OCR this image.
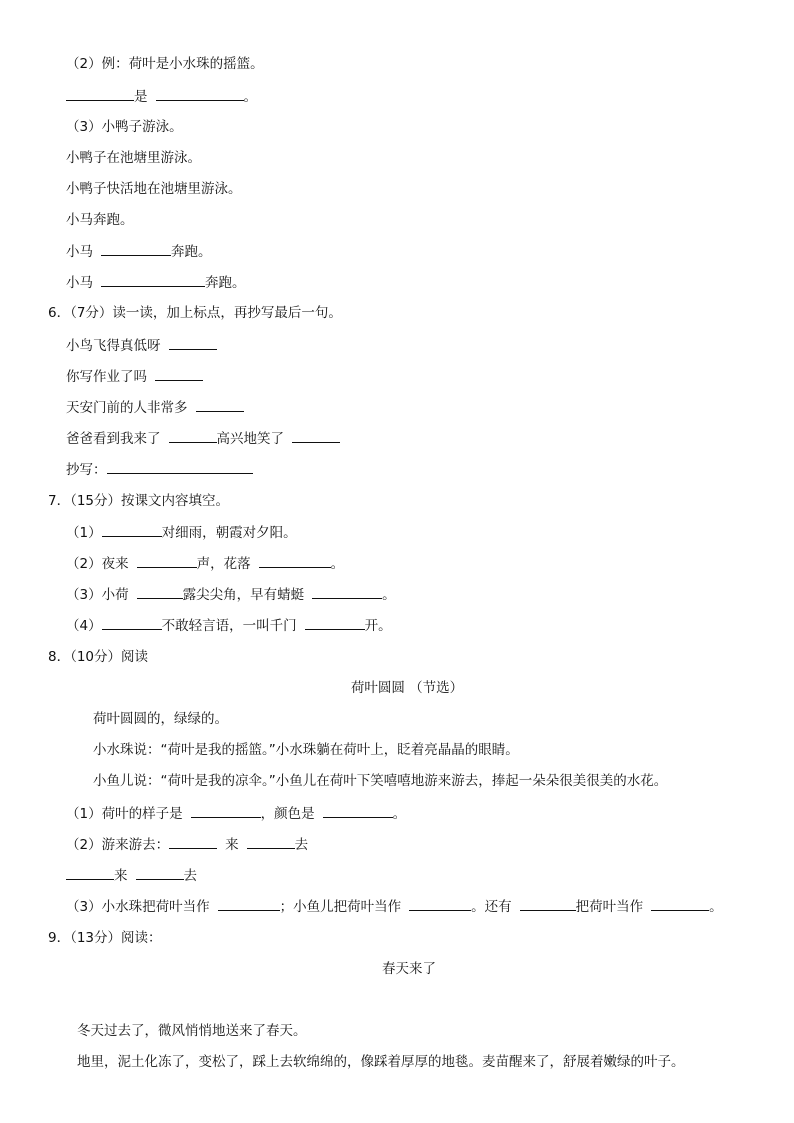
（2）例：荷叶是小水珠的摇篮。
是	。
（3）小鸭子游泳。
小鸭子在池塘里游泳。
小鸭子快活地在池塘里游泳。
小马奔跑。
小马	奔跑。
小马	奔跑。
6．（7分）读一读，加上标点，再抄写最后一句。
小鸟飞得真低呀
你写作业了吗
天安门前的人非常多
爸爸看到我来了	高兴地笑了
抄写：
7．（15分）按课文内容填空。
（1）	对细雨，朝霞对夕阳。
（2）夜来	声，花落	。
（3）小荷	露尖尖角，早有蜻蜓	。
（4）	不敢轻言语，一叫千门	开。
8．（10分）阅读
荷叶圆圆 （节选）
荷叶圆圆的，绿绿的。
小水珠说：“荷叶是我的摇篮。”小水珠躺在荷叶上，眨着亮晶晶的眼睛。
小鱼儿说：“荷叶是我的凉伞。”小鱼儿在荷叶下笑嘻嘻地游来游去，捧起一朵朵很美很美的水花。
（1）荷叶的样子是	，颜色是	。
（2）游来游去：	来	去
来	去
（3）小水珠把荷叶当作	；小鱼儿把荷叶当作	。还有	把荷叶当作	。
9．（13分）阅读：
春天来了
冬天过去了，微风悄悄地送来了春天。
地里，泥土化冻了，变松了，踩上去软绵绵的，像踩着厚厚的地毯。麦苗醒来了，舒展着嫩绿的叶子。
